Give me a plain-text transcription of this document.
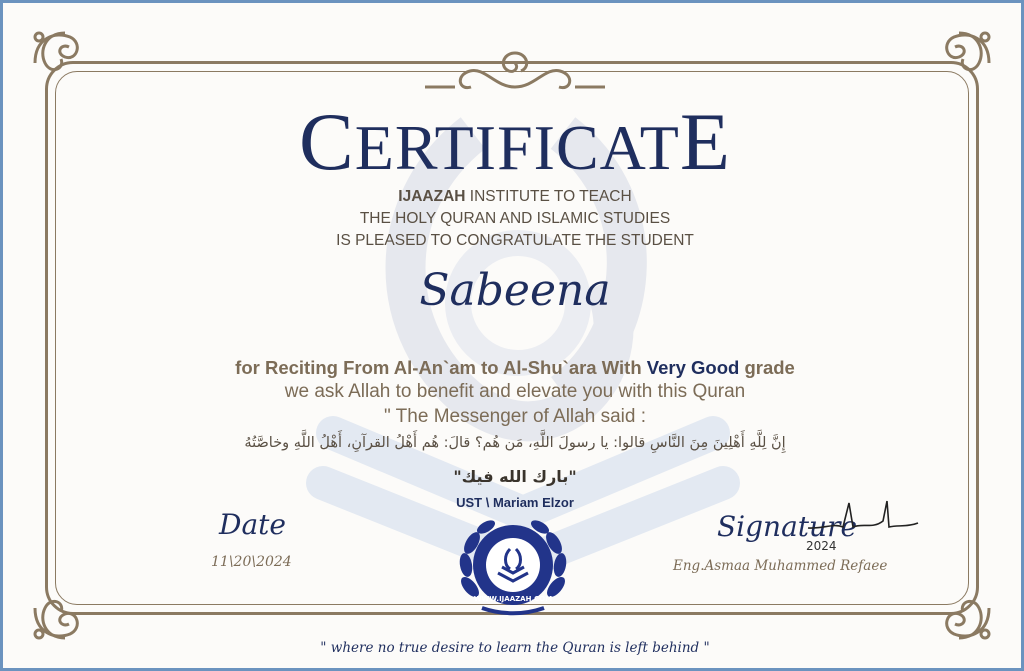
CERTIFICATE
IJAAZAH INSTITUTE TO TEACH
THE HOLY QURAN AND ISLAMIC STUDIES
IS PLEASED TO CONGRATULATE THE STUDENT
Sabeena
for Reciting From Al-An`am to Al-Shu`ara With Very Good grade
we ask Allah to benefit and elevate you with this Quran
" The Messenger of Allah said :
إِنَّ لِلَّهِ أَهْلِينَ مِنَ النَّاسِ قالوا: يا رسولَ اللَّهِ، مَن هُم؟ قالَ: هُم أَهْلُ القرآنِ، أَهْلُ اللَّهِ وخاصَّتُهُ
"بارك الله فيك"
UST \ Mariam Elzor
Date
11\20\2024
Signature
2024
Eng.Asmaa Muhammed Refaee
WWW.IJAAZAH.COM
" where no true desire to learn the Quran is left behind "
